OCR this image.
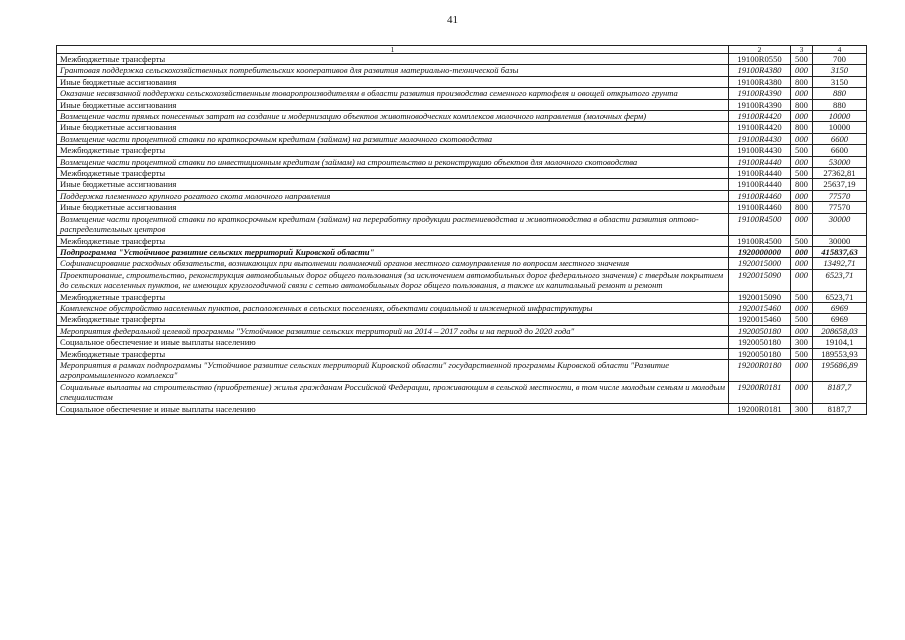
41
1	2	3	4
Межбюджетные трансферты	19100R0550	500	700
Грантовая поддержка сельскохозяйственных потребительских кооперативов для развития материально-технической базы	19100R4380	000	3150
Иные бюджетные ассигнования	19100R4380	800	3150
Оказание несвязанной поддержки сельскохозяйственным товаропроизводителям в области развития производства семенного картофеля и овощей открытого грунта	19100R4390	000	880
Иные бюджетные ассигнования	19100R4390	800	880
Возмещение части прямых понесенных затрат на создание и модернизацию объектов животноводческих комплексов молочного направления (молочных ферм)	19100R4420	000	10000
Иные бюджетные ассигнования	19100R4420	800	10000
Возмещение части процентной ставки по краткосрочным кредитам (займам) на развитие молочного скотоводства	19100R4430	000	6600
Межбюджетные трансферты	19100R4430	500	6600
Возмещение части процентной ставки по инвестиционным кредитам (займам) на строительство и реконструкцию объектов для молочного скотоводства	19100R4440	000	53000
Межбюджетные трансферты	19100R4440	500	27362,81
Иные бюджетные ассигнования	19100R4440	800	25637,19
Поддержка племенного крупного рогатого скота молочного направления	19100R4460	000	77570
Иные бюджетные ассигнования	19100R4460	800	77570
Возмещение части процентной ставки по краткосрочным кредитам (займам) на переработку продукции растениеводства и животноводства в области развития оптово-распределительных центров	19100R4500	000	30000
Межбюджетные трансферты	19100R4500	500	30000
Подпрограмма "Устойчивое развитие сельских территорий Кировской области"	1920000000	000	415837,63
Софинансирование расходных обязательств, возникающих при выполнении полномочий органов местного самоуправления по вопросам местного значения	1920015000	000	13492,71
Проектирование, строительство, реконструкция автомобильных дорог общего пользования (за исключением автомобильных дорог федерального значения) с твердым покрытием до сельских населенных пунктов, не имеющих круглогодичной связи с сетью автомобильных дорог общего пользования, а также их капитальный ремонт и ремонт	1920015090	000	6523,71
Межбюджетные трансферты	1920015090	500	6523,71
Комплексное обустройство населенных пунктов, расположенных в сельских поселениях, объектами социальной и инженерной инфраструктуры	1920015460	000	6969
Межбюджетные трансферты	1920015460	500	6969
Мероприятия федеральной целевой программы "Устойчивое развитие сельских территорий на 2014 – 2017 годы и на период до 2020 года"	1920050180	000	208658,03
Социальное обеспечение и иные выплаты населению	1920050180	300	19104,1
Межбюджетные трансферты	1920050180	500	189553,93
Мероприятия в рамках подпрограммы "Устойчивое развитие сельских территорий Кировской области" государственной программы Кировской области "Развитие агропромышленного комплекса"	19200R0180	000	195686,89
Социальные выплаты на строительство (приобретение) жилья гражданам Российской Федерации, проживающим в сельской местности, в том числе молодым семьям и молодым специалистам	19200R0181	000	8187,7
Социальное обеспечение и иные выплаты населению	19200R0181	300	8187,7
